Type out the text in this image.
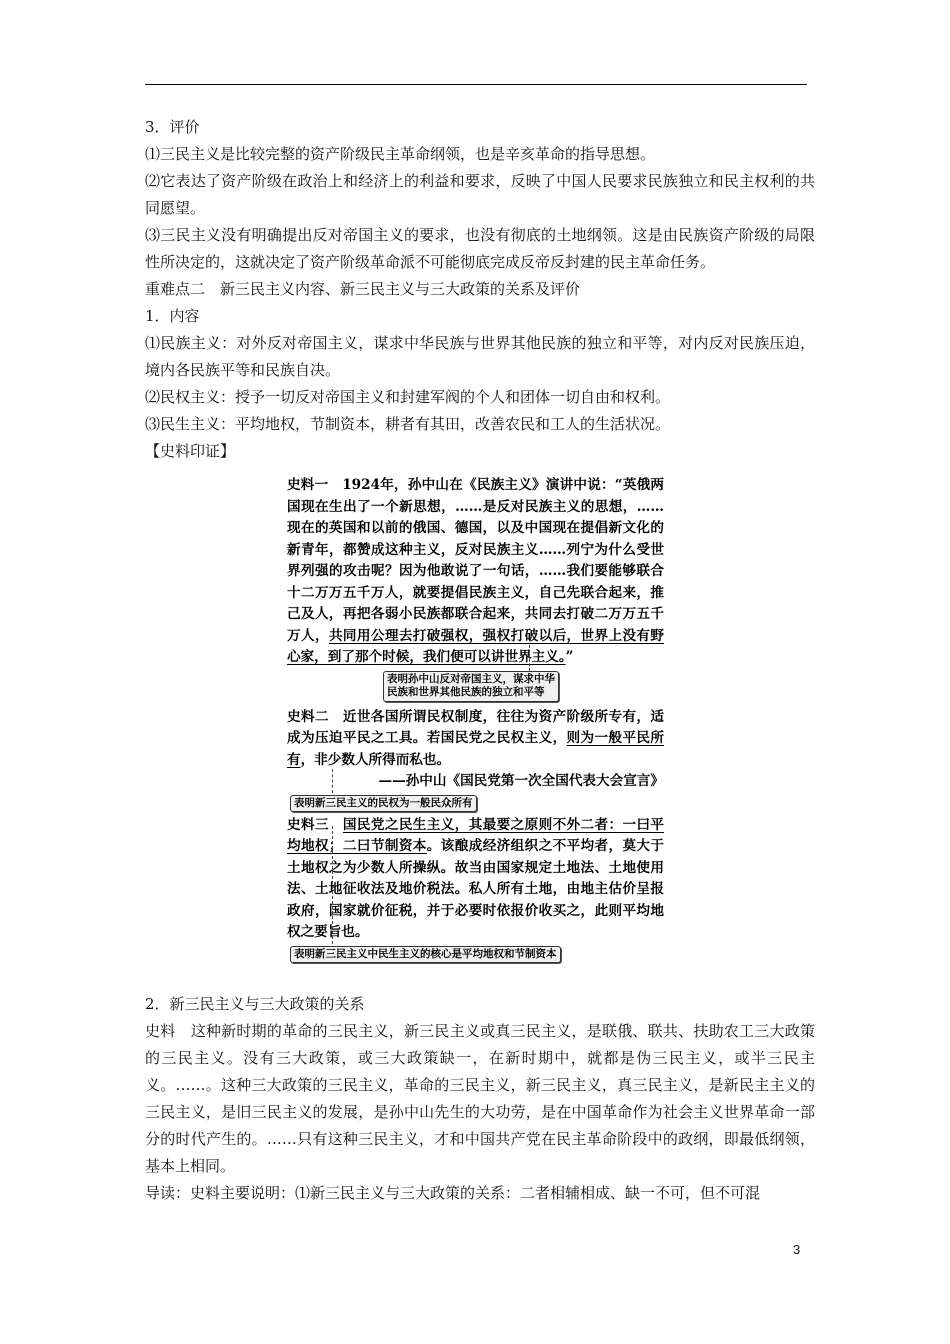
3．评价

⑴三民主义是比较完整的资产阶级民主革命纲领，也是辛亥革命的指导思想。

⑵它表达了资产阶级在政治上和经济上的利益和要求，反映了中国人民要求民族独立和民主权利的共同愿望。

⑶三民主义没有明确提出反对帝国主义的要求，也没有彻底的土地纲领。这是由民族资产阶级的局限性所决定的，这就决定了资产阶级革命派不可能彻底完成反帝反封建的民主革命任务。

重难点二　新三民主义内容、新三民主义与三大政策的关系及评价

1．内容

⑴民族主义：对外反对帝国主义，谋求中华民族与世界其他民族的独立和平等，对内反对民族压迫，境内各民族平等和民族自决。

⑵民权主义：授予一切反对帝国主义和封建军阀的个人和团体一切自由和权利。

⑶民生主义：平均地权，节制资本，耕者有其田，改善农民和工人的生活状况。

【史料印证】

史料一　1924年，孙中山在《民族主义》演讲中说：“英俄两国现在生出了一个新思想，……是反对民族主义的思想，……现在的英国和以前的俄国、德国，以及中国现在提倡新文化的新青年，都赞成这种主义，反对民族主义……列宁为什么受世界列强的攻击呢？因为他敢说了一句话，……我们要能够联合十二万万五千万人，就要提倡民族主义，自己先联合起来，推己及人，再把各弱小民族都联合起来，共同去打破二万万五千万人，共同用公理去打破强权，强权打破以后，世界上没有野心家，到了那个时候，我们便可以讲世界主义。”

表明孙中山反对帝国主义，谋求中华
民族和世界其他民族的独立和平等

史料二　近世各国所谓民权制度，往往为资产阶级所专有，适成为压迫平民之工具。若国民党之民权主义，则为一般平民所有，非少数人所得而私也。

——孙中山《国民党第一次全国代表大会宣言》

表明新三民主义的民权为一般民众所有

史料三　 国民党之民生主义，其最要之原则不外二者：一曰平均地权；二曰节制资本。该酿成经济组织之不平均者，莫大于土地权之为少数人所操纵。故当由国家规定土地法、土地使用法、土地征收法及地价税法。私人所有土地，由地主估价呈报政府，国家就价征税，并于必要时依报价收买之，此则平均地权之要旨也。

表明新三民主义中民生主义的核心是平均地权和节制资本

2．新三民主义与三大政策的关系

史料　这种新时期的革命的三民主义，新三民主义或真三民主义，是联俄、联共、扶助农工三大政策的三民主义。没有三大政策，或三大政策缺一，在新时期中，就都是伪三民主义，或半三民主义。……。这种三大政策的三民主义，革命的三民主义，新三民主义，真三民主义，是新民主主义的三民主义，是旧三民主义的发展，是孙中山先生的大功劳，是在中国革命作为社会主义世界革命一部分的时代产生的。……只有这种三民主义，才和中国共产党在民主革命阶段中的政纲，即最低纲领，基本上相同。

导读：史料主要说明：⑴新三民主义与三大政策的关系：二者相辅相成、缺一不可，但不可混

3
